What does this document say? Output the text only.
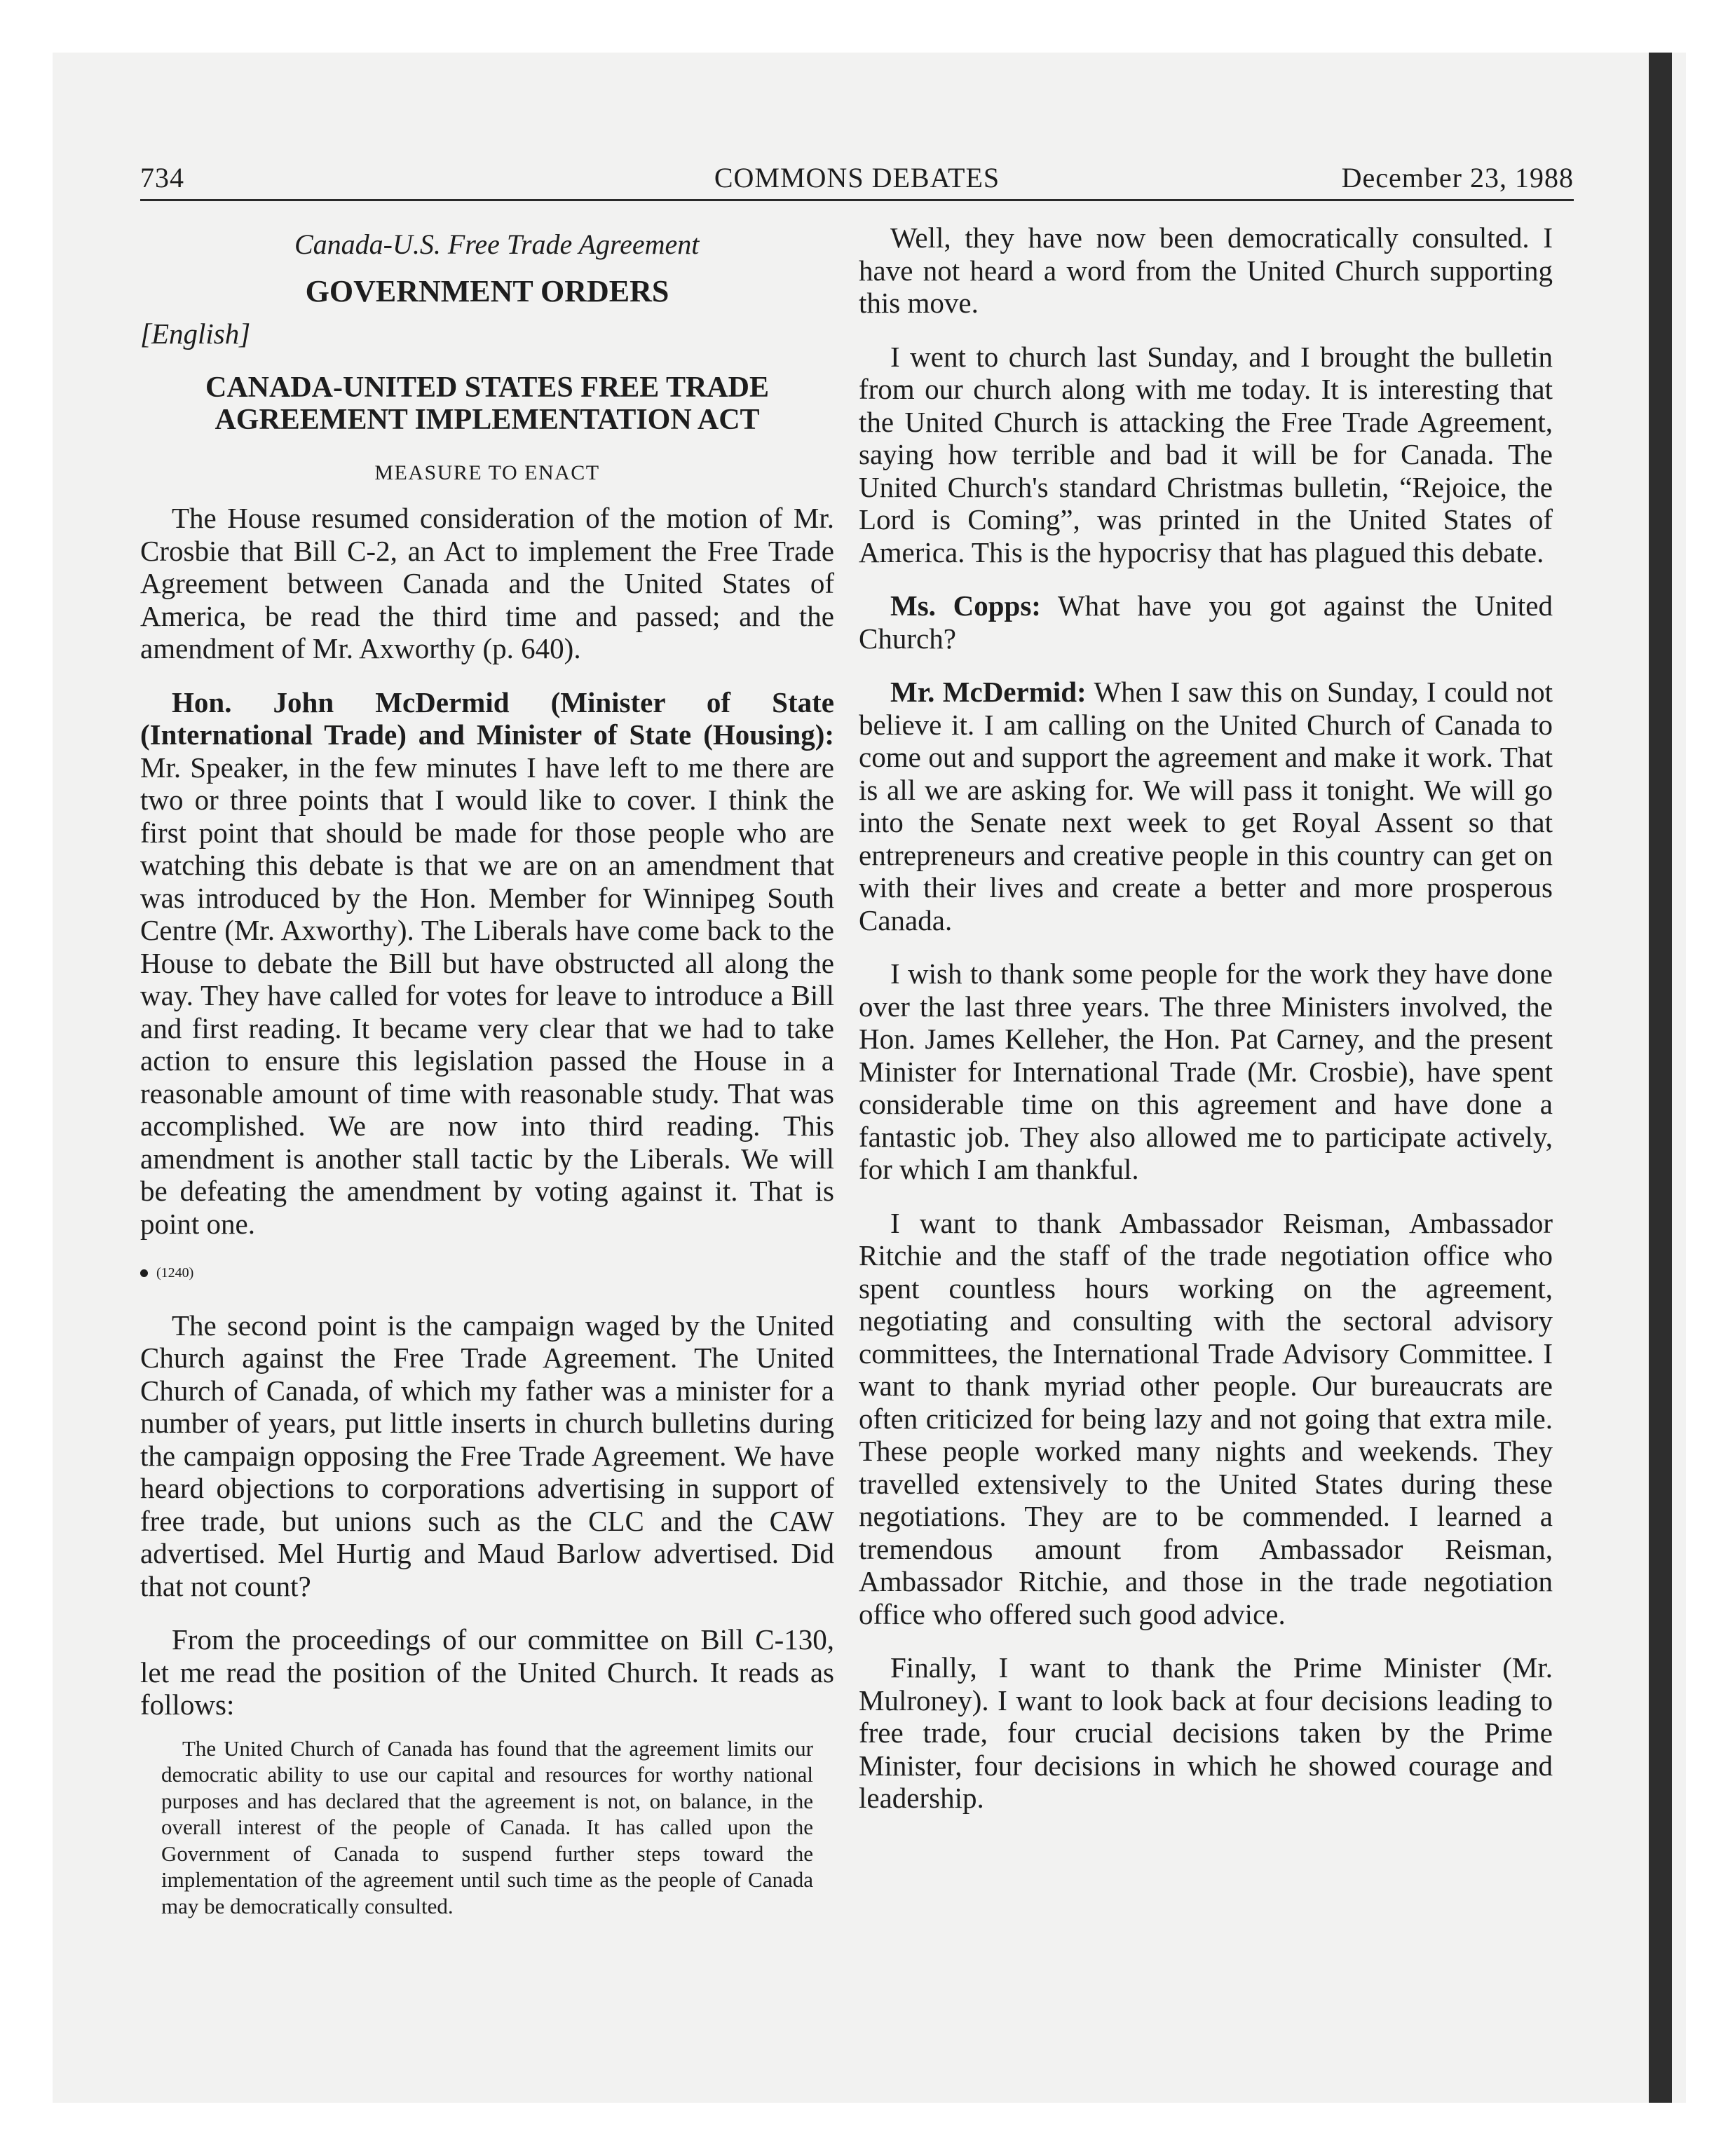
734	COMMONS DEBATES	December 23, 1988
Canada-U.S. Free Trade Agreement
GOVERNMENT ORDERS
[English]
CANADA-UNITED STATES FREE TRADE AGREEMENT IMPLEMENTATION ACT
MEASURE TO ENACT

The House resumed consideration of the motion of Mr. Crosbie that Bill C-2, an Act to implement the Free Trade Agreement between Canada and the United States of America, be read the third time and passed; and the amendment of Mr. Axworthy (p. 640).

Hon. John McDermid (Minister of State (International Trade) and Minister of State (Housing): Mr. Speaker, in the few minutes I have left to me there are two or three points that I would like to cover. I think the first point that should be made for those people who are watching this debate is that we are on an amendment that was introduced by the Hon. Member for Winnipeg South Centre (Mr. Axworthy). The Liberals have come back to the House to debate the Bill but have obstructed all along the way. They have called for votes for leave to introduce a Bill and first reading. It became very clear that we had to take action to ensure this legislation passed the House in a reasonable amount of time with reasonable study. That was accomplished. We are now into third reading. This amendment is another stall tactic by the Liberals. We will be defeating the amendment by voting against it. That is point one.

(1240)

The second point is the campaign waged by the United Church against the Free Trade Agreement. The United Church of Canada, of which my father was a minister for a number of years, put little inserts in church bulletins during the campaign opposing the Free Trade Agreement. We have heard objections to corporations advertising in support of free trade, but unions such as the CLC and the CAW advertised. Mel Hurtig and Maud Barlow advertised. Did that not count?

From the proceedings of our committee on Bill C-130, let me read the position of the United Church. It reads as follows:

The United Church of Canada has found that the agreement limits our democratic ability to use our capital and resources for worthy national purposes and has declared that the agreement is not, on balance, in the overall interest of the people of Canada. It has called upon the Government of Canada to suspend further steps toward the implementation of the agreement until such time as the people of Canada may be democratically consulted.

Well, they have now been democratically consulted. I have not heard a word from the United Church supporting this move.

I went to church last Sunday, and I brought the bulletin from our church along with me today. It is interesting that the United Church is attacking the Free Trade Agreement, saying how terrible and bad it will be for Canada. The United Church's standard Christmas bulletin, “Rejoice, the Lord is Coming”, was printed in the United States of America. This is the hypocrisy that has plagued this debate.

Ms. Copps: What have you got against the United Church?

Mr. McDermid: When I saw this on Sunday, I could not believe it. I am calling on the United Church of Canada to come out and support the agreement and make it work. That is all we are asking for. We will pass it tonight. We will go into the Senate next week to get Royal Assent so that entrepreneurs and creative people in this country can get on with their lives and create a better and more prosperous Canada.

I wish to thank some people for the work they have done over the last three years. The three Ministers involved, the Hon. James Kelleher, the Hon. Pat Carney, and the present Minister for International Trade (Mr. Crosbie), have spent considerable time on this agreement and have done a fantastic job. They also allowed me to participate actively, for which I am thankful.

I want to thank Ambassador Reisman, Ambassador Ritchie and the staff of the trade negotiation office who spent countless hours working on the agreement, negotiating and consulting with the sectoral advisory committees, the International Trade Advisory Committee. I want to thank myriad other people. Our bureaucrats are often criticized for being lazy and not going that extra mile. These people worked many nights and weekends. They travelled extensively to the United States during these negotiations. They are to be commended. I learned a tremendous amount from Ambassador Reisman, Ambassador Ritchie, and those in the trade negotiation office who offered such good advice.

Finally, I want to thank the Prime Minister (Mr. Mulroney). I want to look back at four decisions leading to free trade, four crucial decisions taken by the Prime Minister, four decisions in which he showed courage and leadership.
